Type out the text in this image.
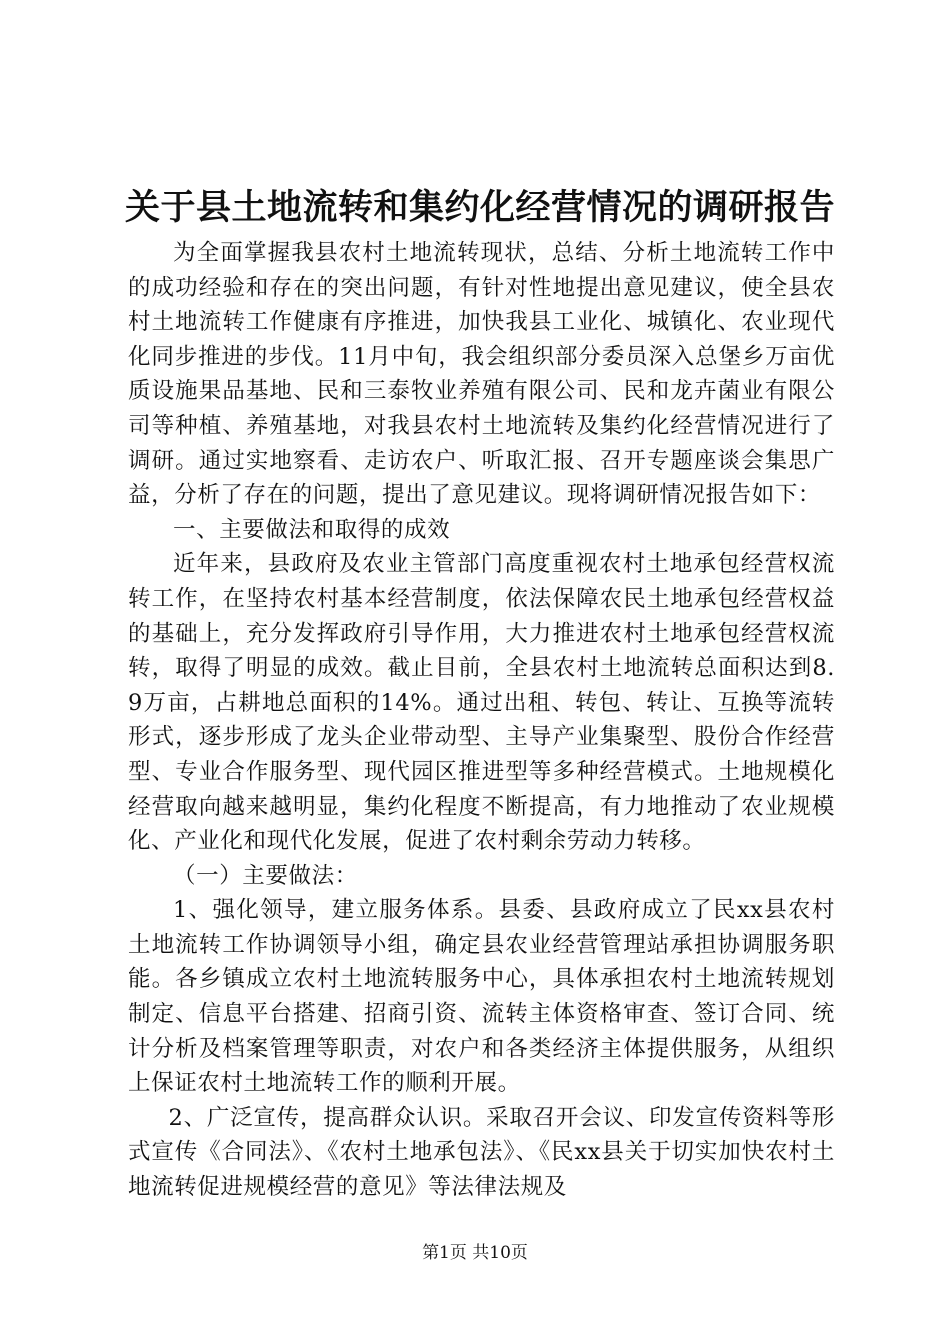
关于县土地流转和集约化经营情况的调研报告

为全面掌握我县农村土地流转现状，总结、分析土地流转工作中的成功经验和存在的突出问题，有针对性地提出意见建议，使全县农村土地流转工作健康有序推进，加快我县工业化、城镇化、农业现代化同步推进的步伐。11月中旬，我会组织部分委员深入总堡乡万亩优质设施果品基地、民和三泰牧业养殖有限公司、民和龙卉菌业有限公司等种植、养殖基地，对我县农村土地流转及集约化经营情况进行了调研。通过实地察看、走访农户、听取汇报、召开专题座谈会集思广益，分析了存在的问题，提出了意见建议。现将调研情况报告如下：

一、主要做法和取得的成效

近年来，县政府及农业主管部门高度重视农村土地承包经营权流转工作，在坚持农村基本经营制度，依法保障农民土地承包经营权益的基础上，充分发挥政府引导作用，大力推进农村土地承包经营权流转，取得了明显的成效。截止目前，全县农村土地流转总面积达到8.9万亩，占耕地总面积的14%。通过出租、转包、转让、互换等流转形式，逐步形成了龙头企业带动型、主导产业集聚型、股份合作经营型、专业合作服务型、现代园区推进型等多种经营模式。土地规模化经营取向越来越明显，集约化程度不断提高，有力地推动了农业规模化、产业化和现代化发展，促进了农村剩余劳动力转移。

（一）主要做法：

1、强化领导，建立服务体系。县委、县政府成立了民xx县农村土地流转工作协调领导小组，确定县农业经营管理站承担协调服务职能。各乡镇成立农村土地流转服务中心，具体承担农村土地流转规划制定、信息平台搭建、招商引资、流转主体资格审查、签订合同、统计分析及档案管理等职责，对农户和各类经济主体提供服务，从组织上保证农村土地流转工作的顺利开展。

2、广泛宣传，提高群众认识。采取召开会议、印发宣传资料等形式宣传《合同法》、《农村土地承包法》、《民xx县关于切实加快农村土地流转促进规模经营的意见》等法律法规及

第1页 共10页
